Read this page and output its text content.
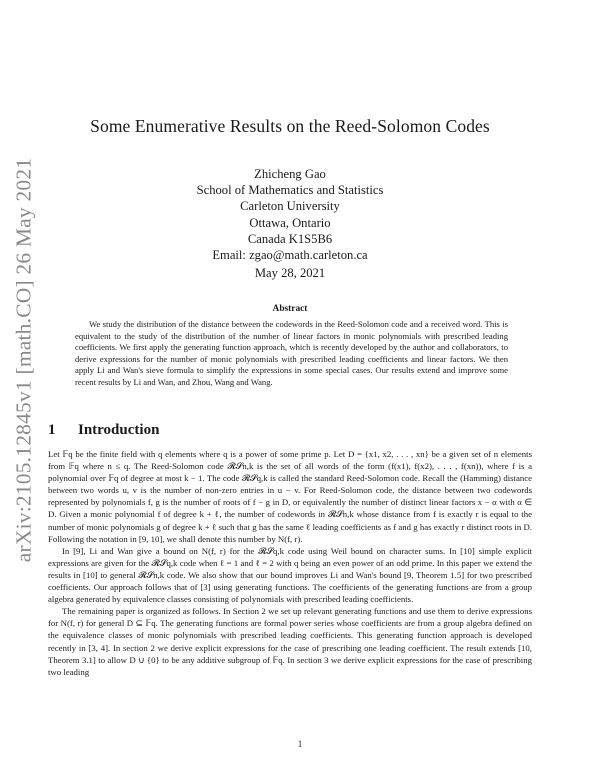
arXiv:2105.12845v1 [math.CO] 26 May 2021
Some Enumerative Results on the Reed-Solomon Codes
Zhicheng Gao
School of Mathematics and Statistics
Carleton University
Ottawa, Ontario
Canada K1S5B6
Email: zgao@math.carleton.ca
May 28, 2021
Abstract

We study the distribution of the distance between the codewords in the Reed-Solomon code and a received word. This is equivalent to the study of the distribution of the number of linear factors in monic polynomials with prescribed leading coefficients. We first apply the generating function approach, which is recently developed by the author and collaborators, to derive expressions for the number of monic polynomials with prescribed leading coefficients and linear factors. We then apply Li and Wan's sieve formula to simplify the expressions in some special cases. Our results extend and improve some recent results by Li and Wan, and Zhou, Wang and Wang.

1 Introduction

Let 𝔽q be the finite field with q elements where q is a power of some prime p. Let D = {x1, x2, . . . , xn} be a given set of n elements from 𝔽q where n ≤ q. The Reed-Solomon code 𝓡𝓢n,k is the set of all words of the form (f(x1), f(x2), . . . , f(xn)), where f is a polynomial over 𝔽q of degree at most k − 1. The code 𝓡𝓢q,k is called the standard Reed-Solomon code. Recall the (Hamming) distance between two words u, v is the number of non-zero entries in u − v. For Reed-Solomon code, the distance between two codewords represented by polynomials f, g is the number of roots of f − g in D, or equivalently the number of distinct linear factors x − α with α ∈ D. Given a monic polynomial f of degree k + ℓ, the number of codewords in 𝓡𝓢n,k whose distance from f is exactly r is equal to the number of monic polynomials g of degree k + ℓ such that g has the same ℓ leading coefficients as f and g has exactly r distinct roots in D. Following the notation in [9, 10], we shall denote this number by N(f, r).

In [9], Li and Wan give a bound on N(f, r) for the 𝓡𝓢q,k code using Weil bound on character sums. In [10] simple explicit expressions are given for the 𝓡𝓢q,k code when ℓ = 1 and ℓ = 2 with q being an even power of an odd prime. In this paper we extend the results in [10] to general 𝓡𝓢n,k code. We also show that our bound improves Li and Wan's bound [9, Theorem 1.5] for two prescribed coefficients. Our approach follows that of [3] using generating functions. The coefficients of the generating functions are from a group algebra generated by equivalence classes consisting of polynomials with prescribed leading coefficients.

The remaining paper is organized as follows. In Section 2 we set up relevant generating functions and use them to derive expressions for N(f, r) for general D ⊆ 𝔽q. The generating functions are formal power series whose coefficients are from a group algebra defined on the equivalence classes of monic polynomials with prescribed leading coefficients. This generating function approach is developed recently in [3, 4]. In section 2 we derive explicit expressions for the case of prescribing one leading coefficient. The result extends [10, Theorem 3.1] to allow D ∪ {0} to be any additive subgroup of 𝔽q. In section 3 we derive explicit expressions for the case of prescribing two leading

1
